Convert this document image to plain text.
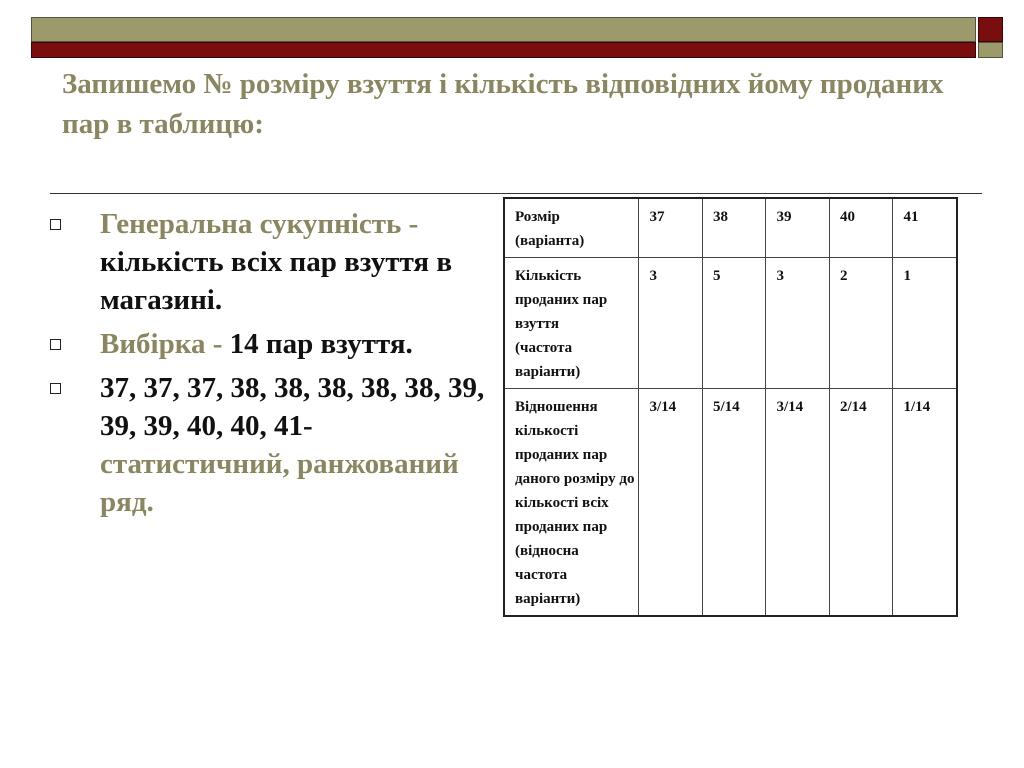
Запишемо № розміру взуття і кількість відповідних йому проданих пар в таблицю:
Генеральна сукупність - кількість всіх пар взуття в магазині.
Вибірка - 14 пар взуття.
37, 37, 37, 38, 38, 38, 38, 38, 39, 39, 39, 40, 40, 41- статистичний, ранжований ряд.
Розмір
(варіанта)	37	38	39	40	41

Кількість проданих пар взуття
(частота варіанти)	3	5	3	2	1

Відношення кількості проданих пар даного розміру до кількості всіх проданих пар
(відносна частота варіанти)	3/14	5/14	3/14	2/14	1/14
